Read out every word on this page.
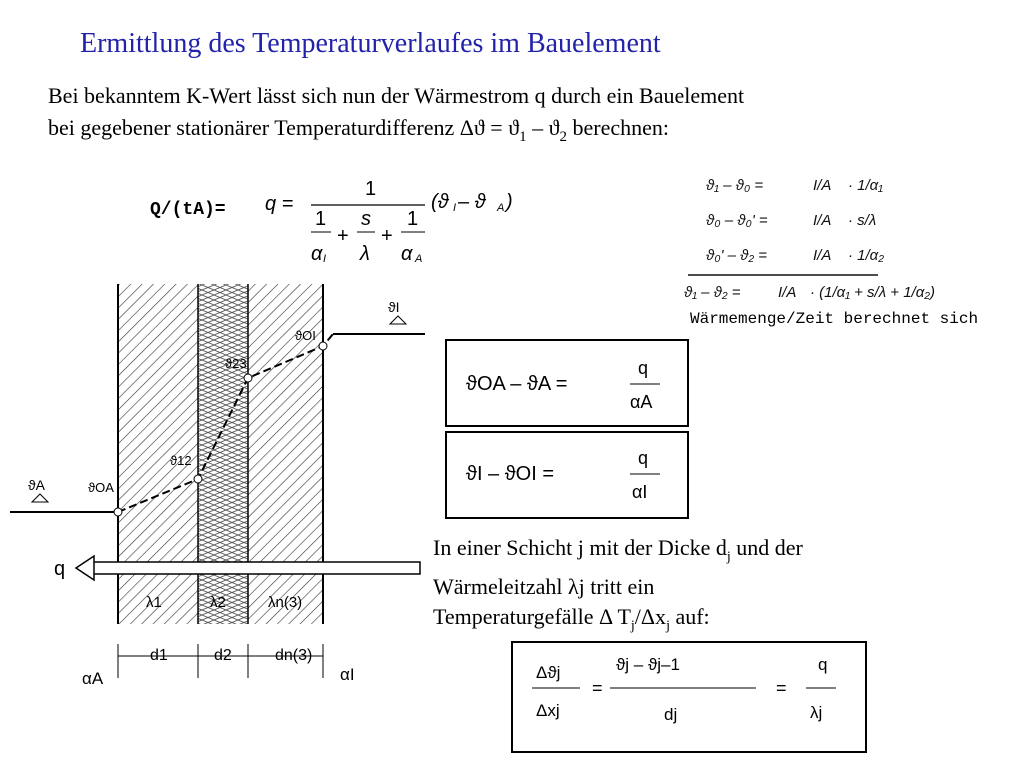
Ermittlung des Temperaturverlaufes im Bauelement
Bei bekanntem K-Wert lässt sich nun der Wärmestrom q durch ein Bauelement
bei gegebener stationärer Temperaturdifferenz $\Delta ϑ = ϑ_1 - ϑ_2$ berechnen:
Q/(tA)= q =
1
1
α I
+
s
λ
+
1
α A
(ϑ I – ϑ A )
ϑ₁ – ϑ₀ =	I/A · 1/α₁
ϑ₀ – ϑ₀' =	I/A · s/λ
ϑ₀' – ϑ₂ =	I/A · 1/α₂
ϑ₁ – ϑ₂ = I/A · (1/α₁ + s/λ + 1/α₂)
Wärmemenge/Zeit berechnet sich
ϑA	ϑOA
ϑ12
ϑ23
ϑOI
ϑI
q
λ1	λ2	λn(3)
d1	d2	dn(3)
αA	αI
ϑOA – ϑA =
q
αA
ϑI – ϑOI =
q
αI
In einer Schicht j mit der Dicke $d_j$ und der
Wärmeleitzahl λj tritt ein
Temperaturgefälle Δ $T_j/\Delta x_j$ auf:
Δϑj
Δxj
=
ϑj – ϑj–1
dj
=
q
λj
